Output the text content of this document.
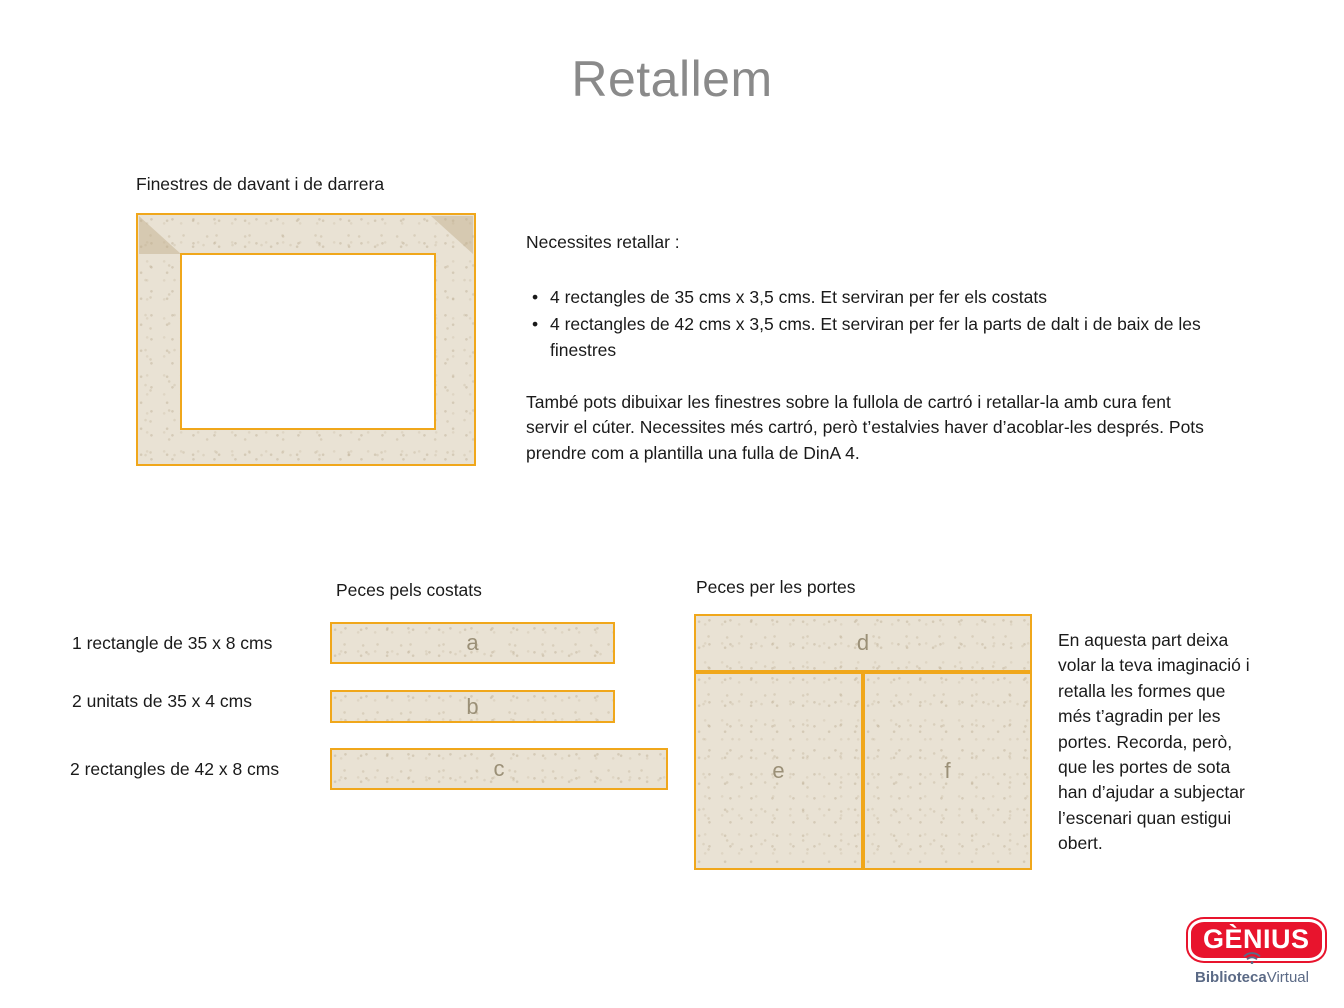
Retallem
Finestres de davant i de darrera
Necessites retallar :
• 4 rectangles de 35 cms x 3,5 cms. Et serviran per fer els costats
• 4 rectangles de 42 cms x 3,5 cms. Et serviran per fer la parts de dalt i de baix de les finestres
També pots dibuixar les finestres sobre la fullola de cartró i retallar-la amb cura fent servir el cúter. Necessites més cartró, però t’estalvies haver d’acoblar-les després. Pots prendre com a plantilla una fulla de DinA 4.
Peces pels costats
1 rectangle de 35 x 8 cms
2 unitats de 35 x 4 cms
2 rectangles de 42 x 8 cms
a
b
c
Peces per les portes
d
e	f
En aquesta part deixa volar la teva imaginació i retalla les formes que més t’agradin per les portes. Recorda, però, que les portes de sota han d’ajudar a subjectar l’escenari quan estigui obert.
GÈNIUS
BibliotecaVirtual
